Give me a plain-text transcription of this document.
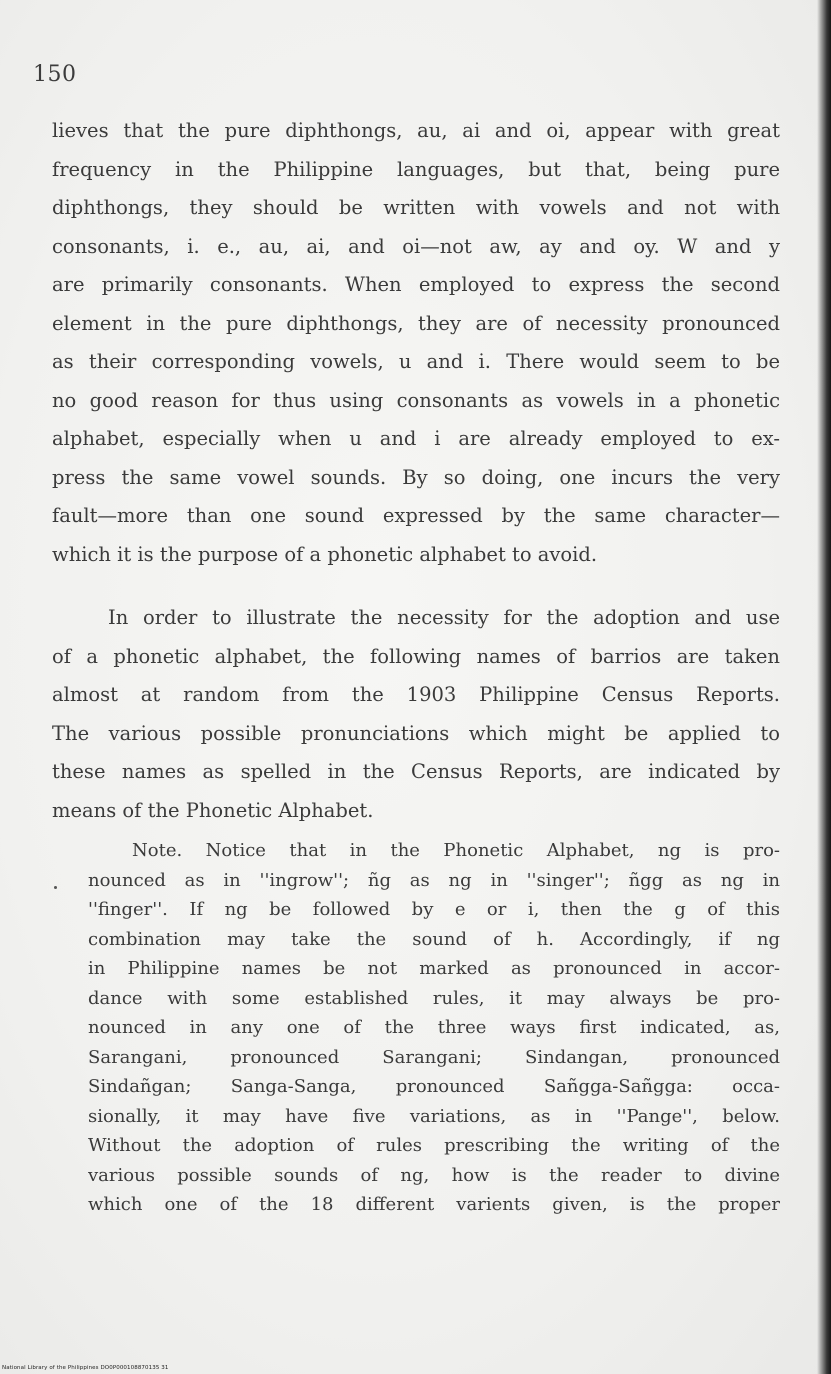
150
lieves that the pure diphthongs, au, ai and oi, appear with great
frequency in the Philippine languages, but that, being pure
diphthongs, they should be written with vowels and not with
consonants, i. e., au, ai, and oi—not aw, ay and oy. W and y
are primarily consonants. When employed to express the second
element in the pure diphthongs, they are of necessity pronounced
as their corresponding vowels, u and i. There would seem to be
no good reason for thus using consonants as vowels in a phonetic
alphabet, especially when u and i are already employed to ex-
press the same vowel sounds. By so doing, one incurs the very
fault—more than one sound expressed by the same character—
which it is the purpose of a phonetic alphabet to avoid.
In order to illustrate the necessity for the adoption and use
of a phonetic alphabet, the following names of barrios are taken
almost at random from the 1903 Philippine Census Reports.
The various possible pronunciations which might be applied to
these names as spelled in the Census Reports, are indicated by
means of the Phonetic Alphabet.
Note. Notice that in the Phonetic Alphabet, ng is pro-
nounced as in ''ingrow''; ñg as ng in ''singer''; ñgg as ng in
''finger''. If ng be followed by e or i, then the g of this
combination may take the sound of h. Accordingly, if ng
in Philippine names be not marked as pronounced in accor-
dance with some established rules, it may always be pro-
nounced in any one of the three ways first indicated, as,
Sarangani, pronounced Sarangani; Sindangan, pronounced
Sindañgan; Sanga-Sanga, pronounced Sañgga-Sañgga: occa-
sionally, it may have five variations, as in ''Pange'', below.
Without the adoption of rules prescribing the writing of the
various possible sounds of ng, how is the reader to divine
which one of the 18 different varients given, is the proper
National Library of the Philippines DO0P000108870135 31
